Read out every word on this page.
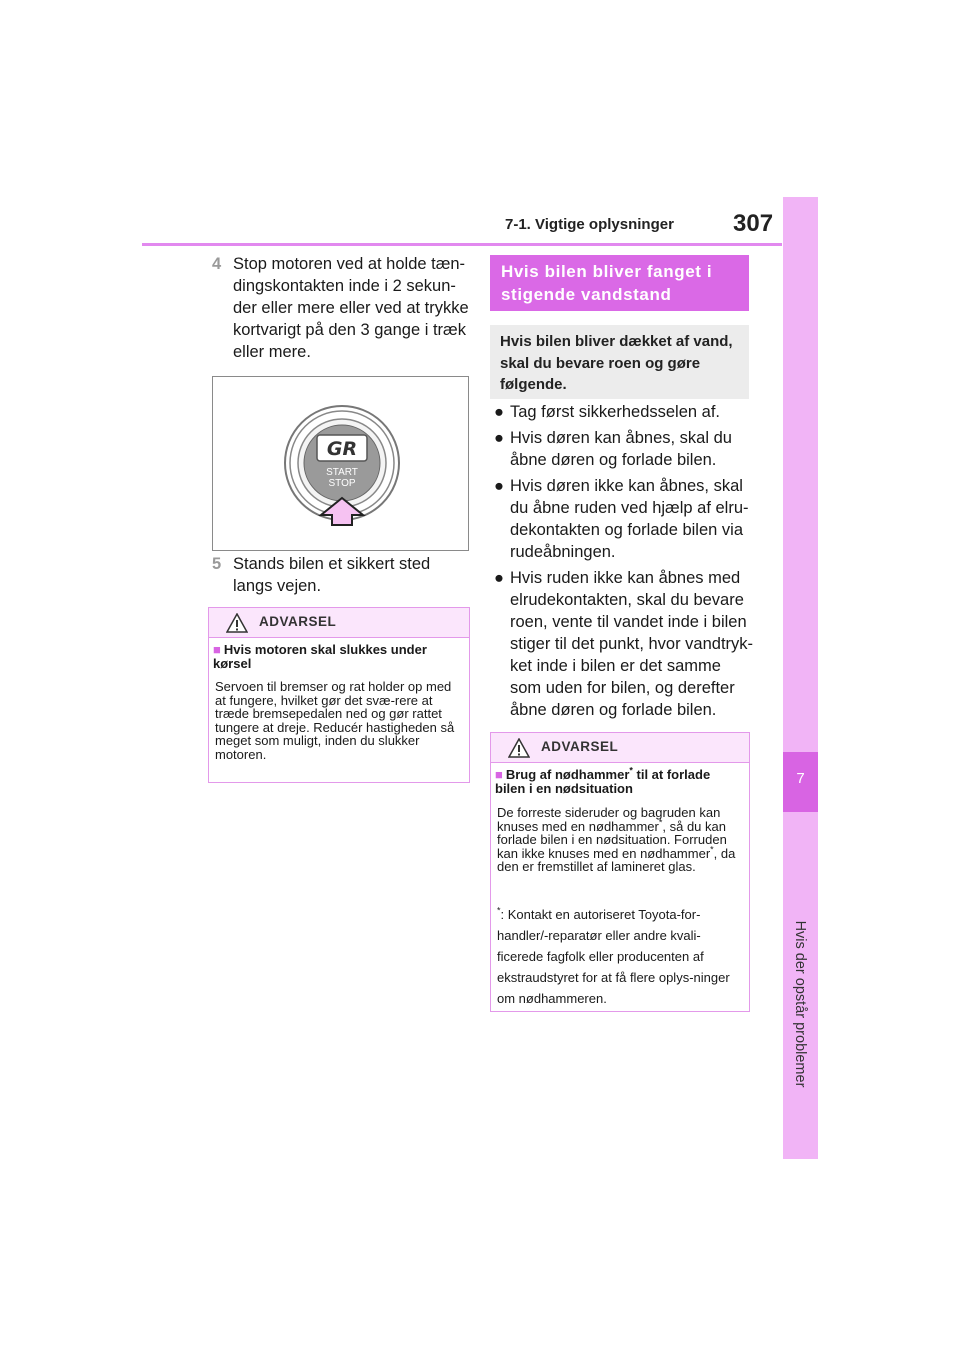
7-1. Vigtige oplysninger 307
7
Hvis der opstår problemer
4 Stop motoren ved at holde tæn-dingskontakten inde i 2 sekun-der eller mere eller ved at trykke kortvarigt på den 3 gange i træk eller mere.
GR
START
STOP
5 Stands bilen et sikkert sted langs vejen.
ADVARSEL
■ Hvis motoren skal slukkes under kørsel
Servoen til bremser og rat holder op med at fungere, hvilket gør det svæ-rere at træde bremsepedalen ned og gør rattet tungere at dreje. Reducér hastigheden så meget som muligt, inden du slukker motoren.
Hvis bilen bliver fanget i stigende vandstand
Hvis bilen bliver dækket af vand, skal du bevare roen og gøre følgende.
● Tag først sikkerhedsselen af.
● Hvis døren kan åbnes, skal du åbne døren og forlade bilen.
● Hvis døren ikke kan åbnes, skal du åbne ruden ved hjælp af elru-dekontakten og forlade bilen via rudeåbningen.
● Hvis ruden ikke kan åbnes med elrudekontakten, skal du bevare roen, vente til vandet inde i bilen stiger til det punkt, hvor vandtryk-ket inde i bilen er det samme som uden for bilen, og derefter åbne døren og forlade bilen.
ADVARSEL
■ Brug af nødhammer* til at forlade bilen i en nødsituation
De forreste sideruder og bagruden kan knuses med en nødhammer*, så du kan forlade bilen i en nødsituation. Forruden kan ikke knuses med en nødhammer*, da den er fremstillet af lamineret glas.
*: Kontakt en autoriseret Toyota-for-handler/-reparatør eller andre kvali-ficerede fagfolk eller producenten af ekstraudstyret for at få flere oplys-ninger om nødhammeren.
